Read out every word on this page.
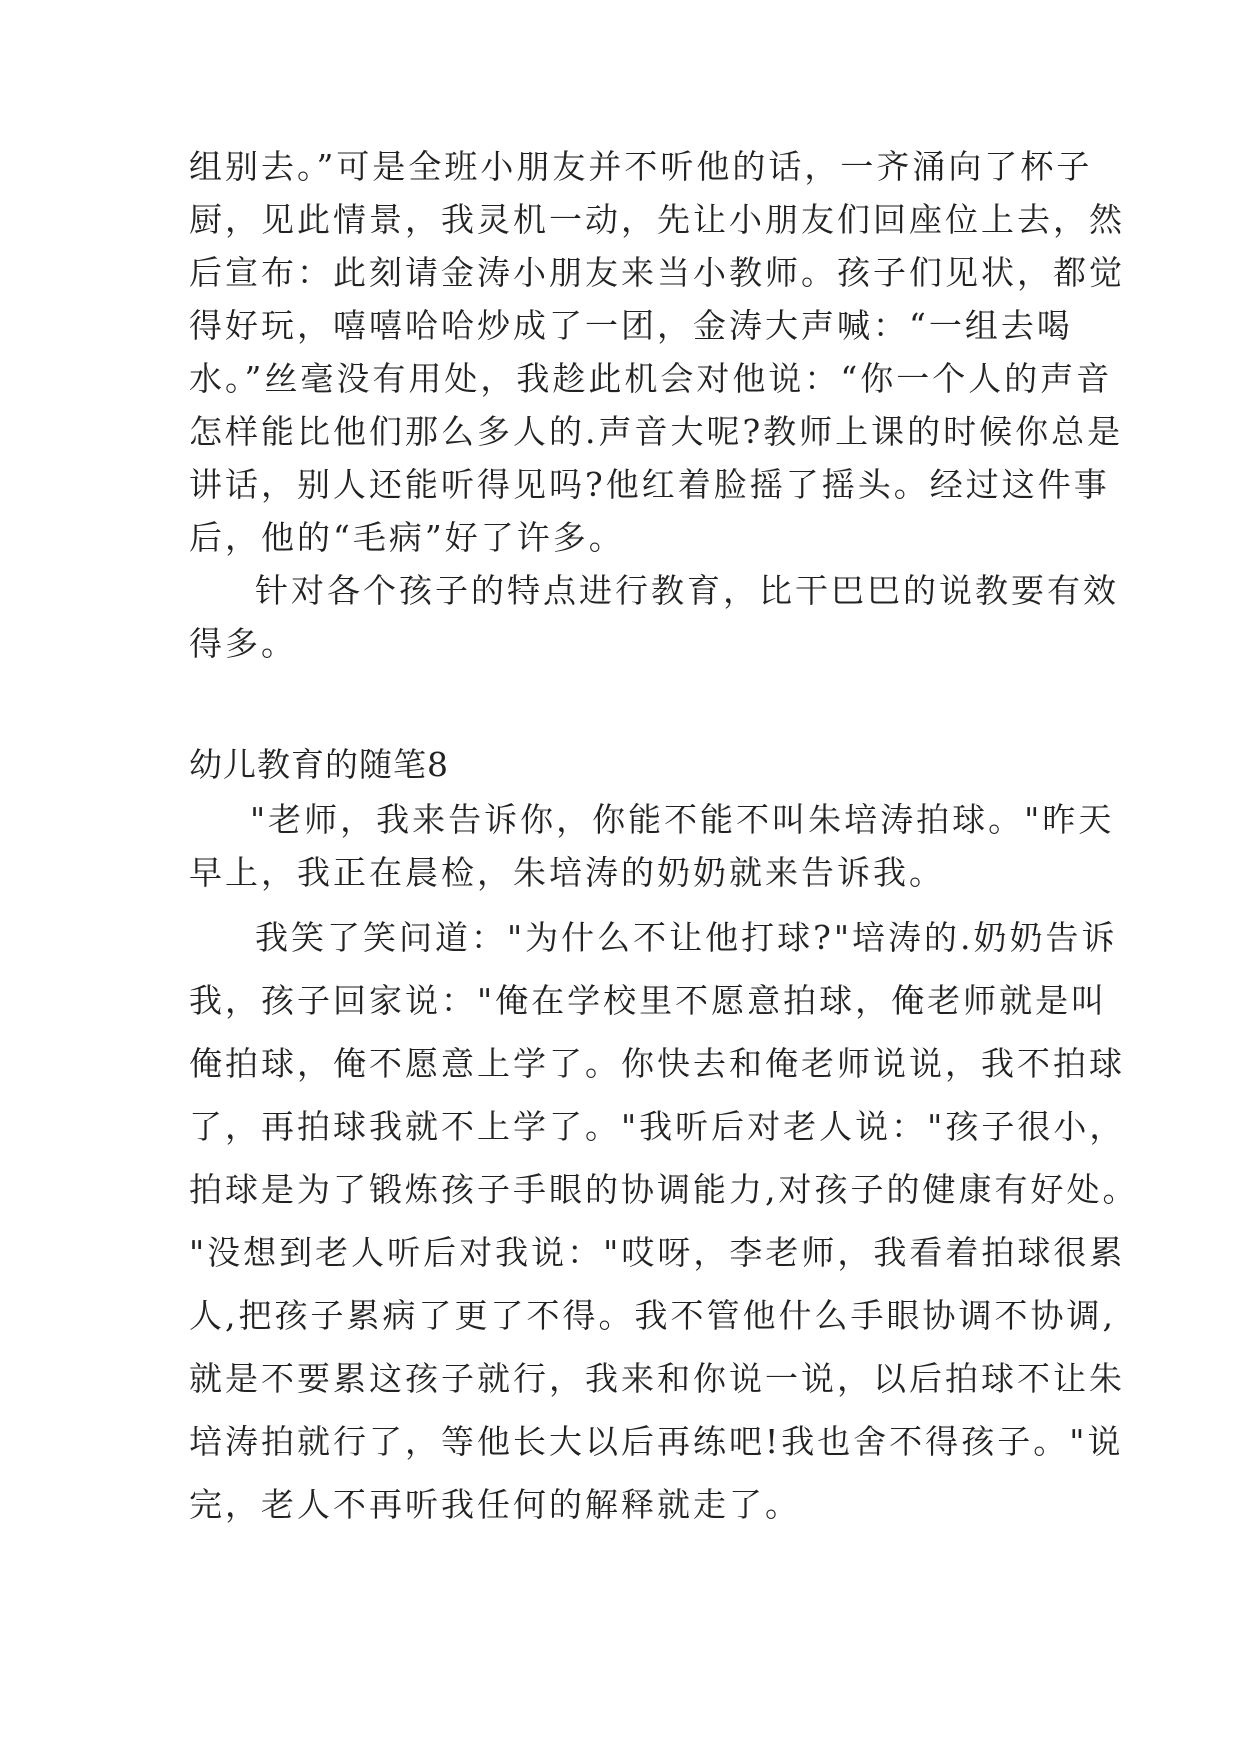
组别去。”可是全班小朋友并不听他的话，一齐涌向了杯子
厨，见此情景，我灵机一动，先让小朋友们回座位上去，然
后宣布：此刻请金涛小朋友来当小教师。孩子们见状，都觉
得好玩，嘻嘻哈哈炒成了一团，金涛大声喊：“一组去喝
水。”丝毫没有用处，我趁此机会对他说：“你一个人的声音
怎样能比他们那么多人的.声音大呢?教师上课的时候你总是
讲话，别人还能听得见吗?他红着脸摇了摇头。经过这件事
后，他的“毛病”好了许多。
针对各个孩子的特点进行教育，比干巴巴的说教要有效
得多。
幼儿教育的随笔8
"老师，我来告诉你，你能不能不叫朱培涛拍球。"昨天
早上，我正在晨检，朱培涛的奶奶就来告诉我。
我笑了笑问道："为什么不让他打球?"培涛的.奶奶告诉
我，孩子回家说："俺在学校里不愿意拍球，俺老师就是叫
俺拍球，俺不愿意上学了。你快去和俺老师说说，我不拍球
了，再拍球我就不上学了。"我听后对老人说："孩子很小，
拍球是为了锻炼孩子手眼的协调能力,对孩子的健康有好处。
"没想到老人听后对我说："哎呀，李老师，我看着拍球很累
人,把孩子累病了更了不得。我不管他什么手眼协调不协调,
就是不要累这孩子就行，我来和你说一说，以后拍球不让朱
培涛拍就行了，等他长大以后再练吧!我也舍不得孩子。"说
完，老人不再听我任何的解释就走了。
